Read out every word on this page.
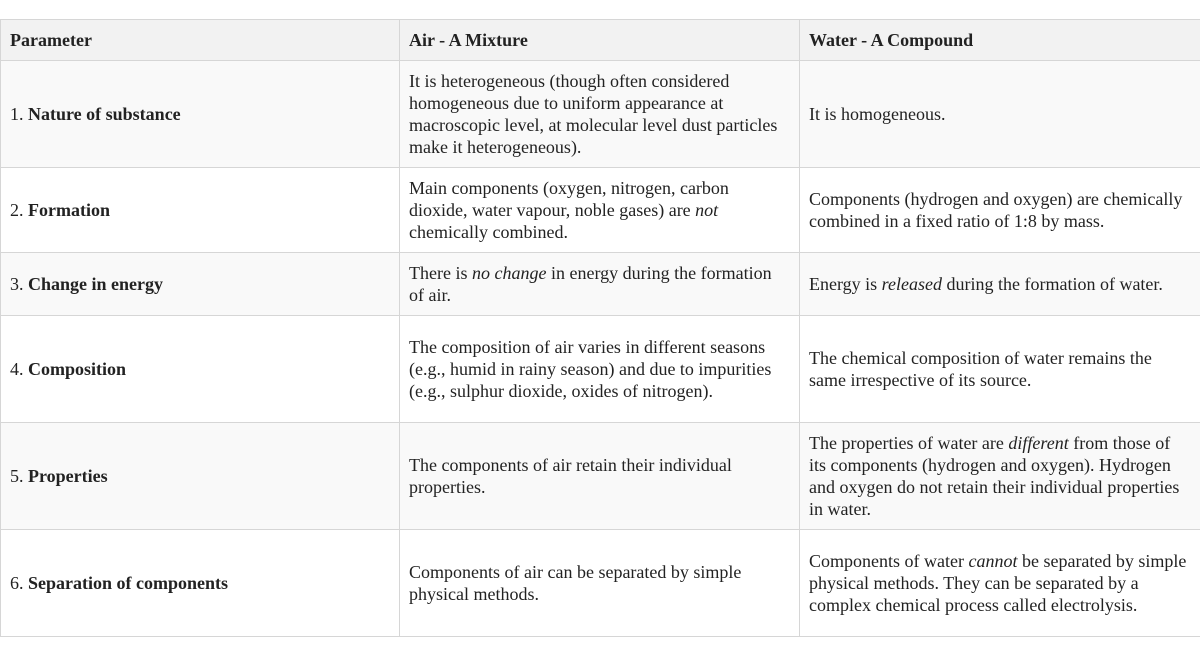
Parameter	Air - A Mixture	Water - A Compound
1. Nature of substance	It is heterogeneous (though often considered homogeneous due to uniform appearance at macroscopic level, at molecular level dust particles make it heterogeneous).	It is homogeneous.
2. Formation	Main components (oxygen, nitrogen, carbon dioxide, water vapour, noble gases) are not chemically combined.	Components (hydrogen and oxygen) are chemically combined in a fixed ratio of 1:8 by mass.
3. Change in energy	There is no change in energy during the formation of air.	Energy is released during the formation of water.
4. Composition	The composition of air varies in different seasons (e.g., humid in rainy season) and due to impurities (e.g., sulphur dioxide, oxides of nitrogen).	The chemical composition of water remains the same irrespective of its source.
5. Properties	The components of air retain their individual properties.	The properties of water are different from those of its components (hydrogen and oxygen). Hydrogen and oxygen do not retain their individual properties in water.
6. Separation of components	Components of air can be separated by simple physical methods.	Components of water cannot be separated by simple physical methods. They can be separated by a complex chemical process called electrolysis.
